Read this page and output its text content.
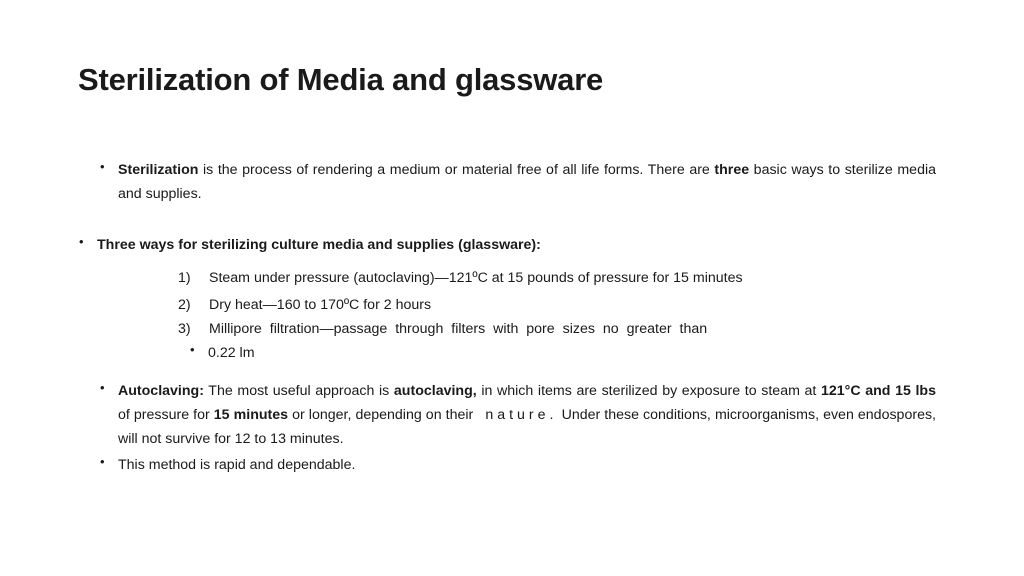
Sterilization of Media and glassware
• Sterilization is the process of rendering a medium or material free of all life forms. There are three basic ways to sterilize media and supplies.

• Three ways for sterilizing culture media and supplies (glassware):
1) Steam under pressure (autoclaving)—121ºC at 15 pounds of pressure for 15 minutes
2) Dry heat—160 to 170ºC for 2 hours
3) Millipore filtration—passage through filters with pore sizes no greater than
• 0.22 lm
• Autoclaving: The most useful approach is autoclaving, in which items are sterilized by exposure to steam at 121°C and 15 lbs of pressure for 15 minutes or longer, depending on their nature. Under these conditions, microorganisms, even endospores, will not survive for 12 to 13 minutes.

• This method is rapid and dependable.
